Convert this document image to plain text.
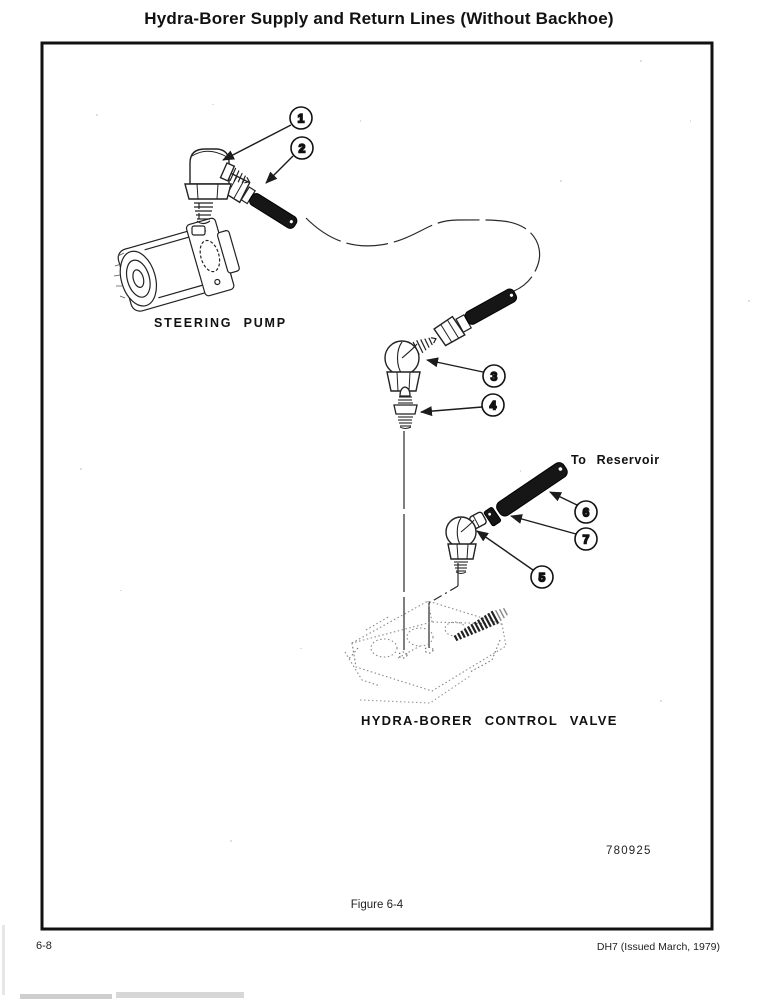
Hydra-Borer Supply and Return Lines (Without Backhoe)
1
2
3
4
5
6
7
STEERING PUMP
To Reservoir
HYDRA-BORER CONTROL VALVE
780925
Figure 6-4
6-8	DH7 (Issued March, 1979)
